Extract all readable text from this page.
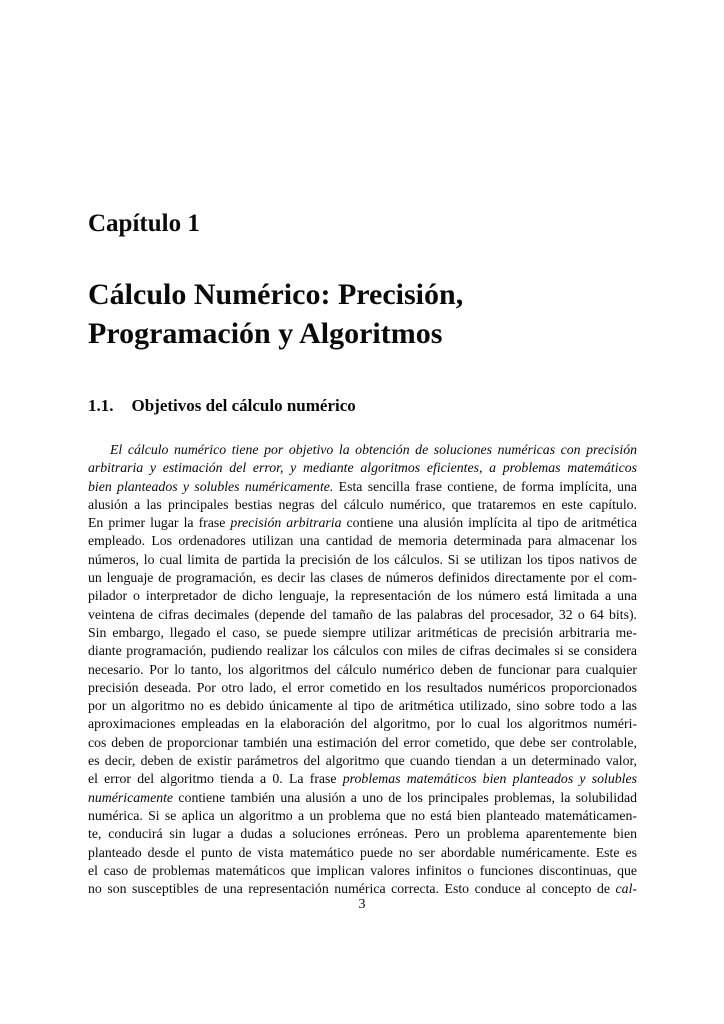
Capítulo 1
Cálculo Numérico: Precisión, Programación y Algoritmos
1.1. Objetivos del cálculo numérico
El cálculo numérico tiene por objetivo la obtención de soluciones numéricas con precisión
arbitraria y estimación del error, y mediante algoritmos eficientes, a problemas matemáticos
bien planteados y solubles numéricamente. Esta sencilla frase contiene, de forma implícita, una
alusión a las principales bestias negras del cálculo numérico, que trataremos en este capítulo.
En primer lugar la frase precisión arbitraria contiene una alusión implícita al tipo de aritmética
empleado. Los ordenadores utilizan una cantidad de memoria determinada para almacenar los
números, lo cual limita de partida la precisión de los cálculos. Si se utilizan los tipos nativos de
un lenguaje de programación, es decir las clases de números definidos directamente por el com-
pilador o interpretador de dicho lenguaje, la representación de los número está limitada a una
veintena de cifras decimales (depende del tamaño de las palabras del procesador, 32 o 64 bits).
Sin embargo, llegado el caso, se puede siempre utilizar aritméticas de precisión arbitraria me-
diante programación, pudiendo realizar los cálculos con miles de cifras decimales si se considera
necesario. Por lo tanto, los algoritmos del cálculo numérico deben de funcionar para cualquier
precisión deseada. Por otro lado, el error cometido en los resultados numéricos proporcionados
por un algoritmo no es debido únicamente al tipo de aritmética utilizado, sino sobre todo a las
aproximaciones empleadas en la elaboración del algoritmo, por lo cual los algoritmos numéri-
cos deben de proporcionar también una estimación del error cometido, que debe ser controlable,
es decir, deben de existir parámetros del algoritmo que cuando tiendan a un determinado valor,
el error del algoritmo tienda a 0. La frase problemas matemáticos bien planteados y solubles
numéricamente contiene también una alusión a uno de los principales problemas, la solubilidad
numérica. Si se aplica un algoritmo a un problema que no está bien planteado matemáticamen-
te, conducirá sin lugar a dudas a soluciones erróneas. Pero un problema aparentemente bien
planteado desde el punto de vista matemático puede no ser abordable numéricamente. Este es
el caso de problemas matemáticos que implican valores infinitos o funciones discontinuas, que
no son susceptibles de una representación numérica correcta. Esto conduce al concepto de cal-
3
